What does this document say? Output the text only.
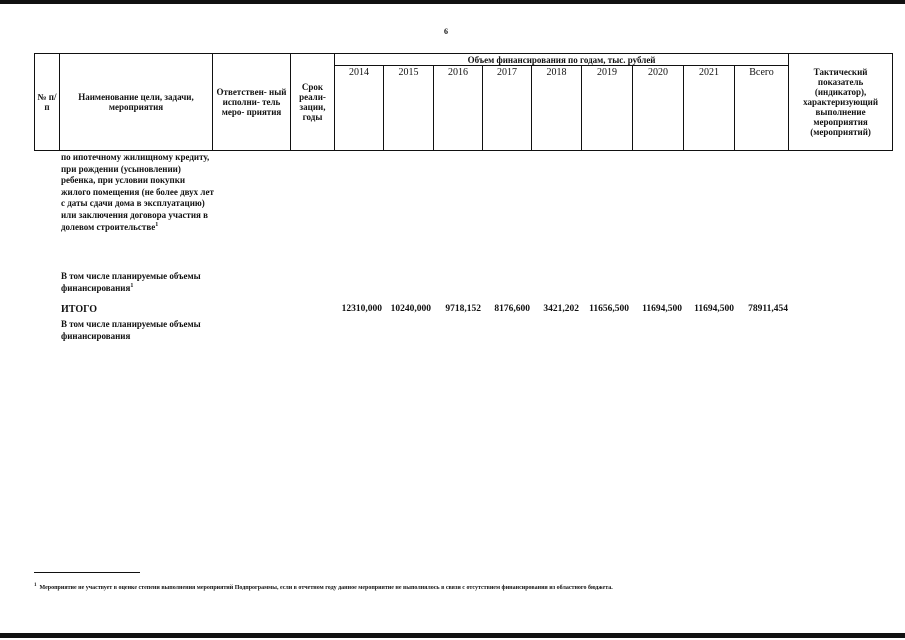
6
№ п/п	Наименование цели, задачи, мероприятия	Ответствен- ный исполни- тель меро- приятия	Срок реали- зации, годы	Объем финансирования по годам, тыс. рублей									Тактический показатель (индикатор), характеризующий выполнение мероприятия (мероприятий)
				2014	2015	2016	2017	2018	2019	2020	2021	Всего	
по ипотечному жилищному кредиту, при рождении (усыновлении) ребенка, при условии покупки жилого помещения (не более двух лет с даты сдачи дома в эксплуатацию) или заключения договора участия в долевом строительстве$^1$
В том числе планируемые объемы финансирования$^1$
ИТОГО	12310,000 10240,000 9718,152 8176,600 3421,202 11656,500 11694,500 11694,500 78911,454
В том числе планируемые объемы финансирования
$^1$ Мероприятие не участвует в оценке степени выполнения мероприятий Подпрограммы, если в отчетном году данное мероприятие не выполнялось в связи с отсутствием финансирования из областного бюджета.
